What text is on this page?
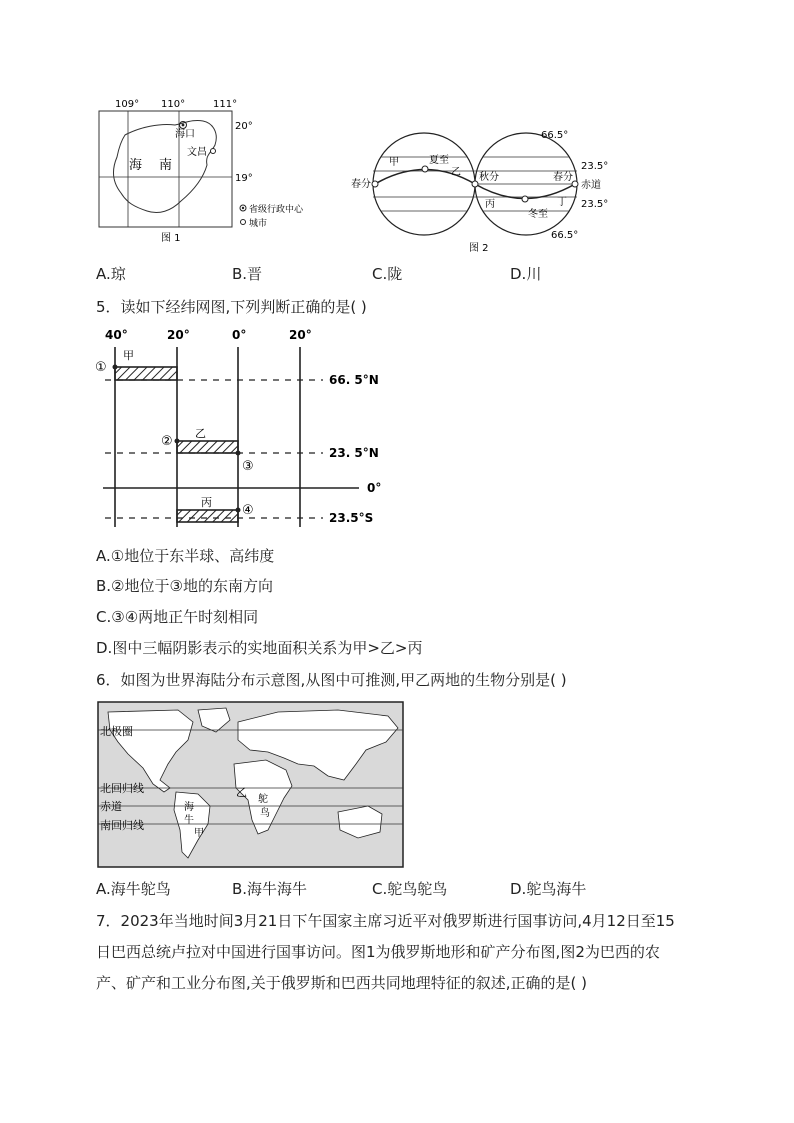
109° 110°	111°
20°
19°
海口
文昌
海 南
省级行政中心
城市
图 1
66.5°
23.5°
赤道
23.5°
66.5°
春分
甲	夏至
乙 秋分
丙
冬至
丁
春分
图 2
A.琼	B.晋	C.陇	D.川
5．读如下经纬网图,下列判断正确的是( )
40°	20°	0°	20°
66. 5°N
23. 5°N
0°
23.5°S
甲
乙
丙
①
②
③
④
A.①地位于东半球、高纬度
B.②地位于③地的东南方向
C.③④两地正午时刻相同
D.图中三幅阴影表示的实地面积关系为甲>乙>丙
6．如图为世界海陆分布示意图,从图中可推测,甲乙两地的生物分别是( )
北极圈
北回归线
赤道
南回归线
海
牛
甲
乙
鸵
鸟
A.海牛鸵鸟	B.海牛海牛	C.鸵鸟鸵鸟	D.鸵鸟海牛
7．2023年当地时间3月21日下午国家主席习近平对俄罗斯进行国事访问,4月12日至15
日巴西总统卢拉对中国进行国事访问。图1为俄罗斯地形和矿产分布图,图2为巴西的农
产、矿产和工业分布图,关于俄罗斯和巴西共同地理特征的叙述,正确的是( )
